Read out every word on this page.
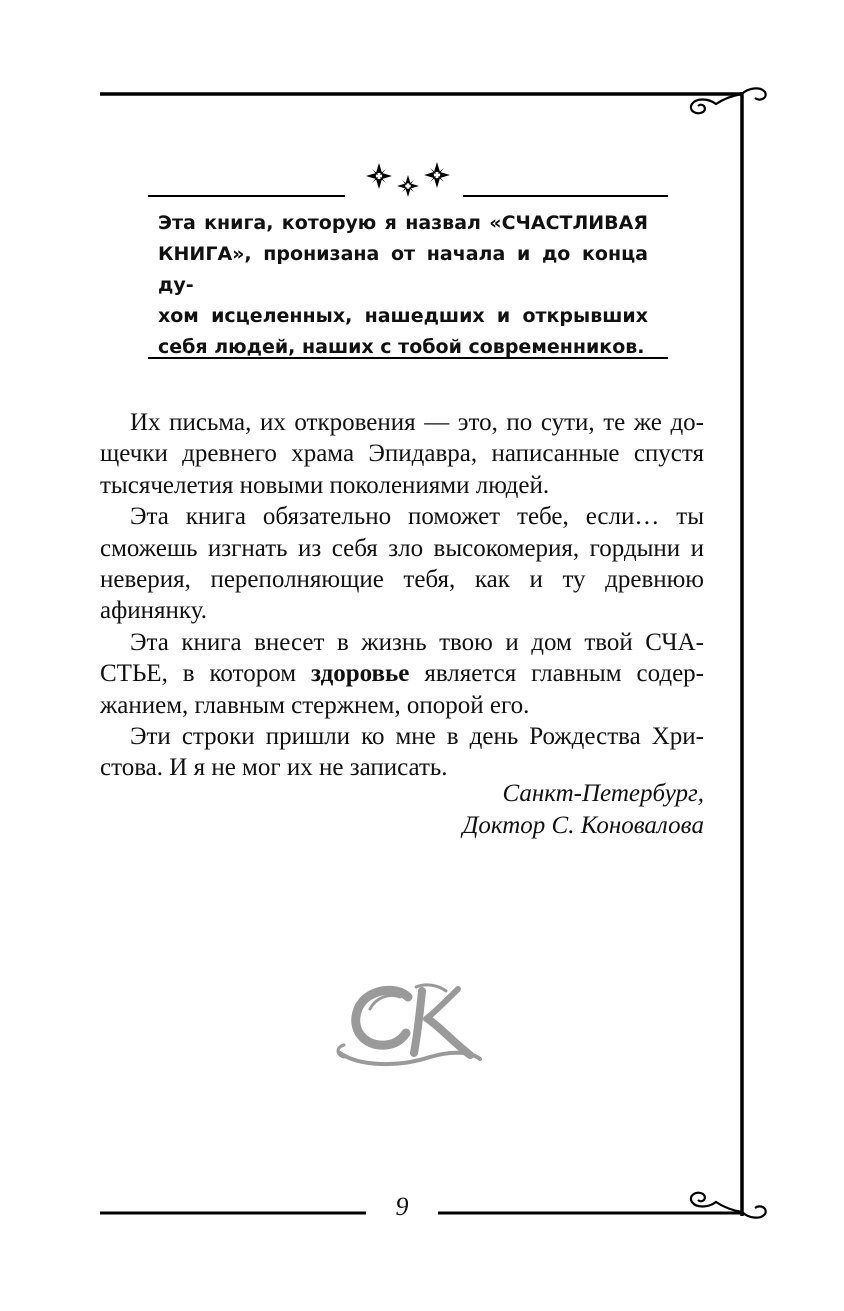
Эта книга, которую я назвал «СЧАСТЛИВАЯ КНИГА», пронизана от начала и до конца ду-
хом исцеленных, нашедших и открывших себя людей, наших с тобой современников.

Их письма, их откровения — это, по сути, те же до-щечки древнего храма Эпидавра, написанные спустя тысячелетия новыми поколениями людей.

Эта книга обязательно поможет тебе, если… ты сможешь изгнать из себя зло высокомерия, гордыни и неверия, переполняющие тебя, как и ту древнюю афинянку.

Эта книга внесет в жизнь твою и дом твой СЧА-СТЬЕ, в котором здоровье является главным содер-жанием, главным стержнем, опорой его.

Эти строки пришли ко мне в день Рождества Хри-стова. И я не мог их не записать.

Санкт-Петербург,
Доктор С. Коноваловa
9
